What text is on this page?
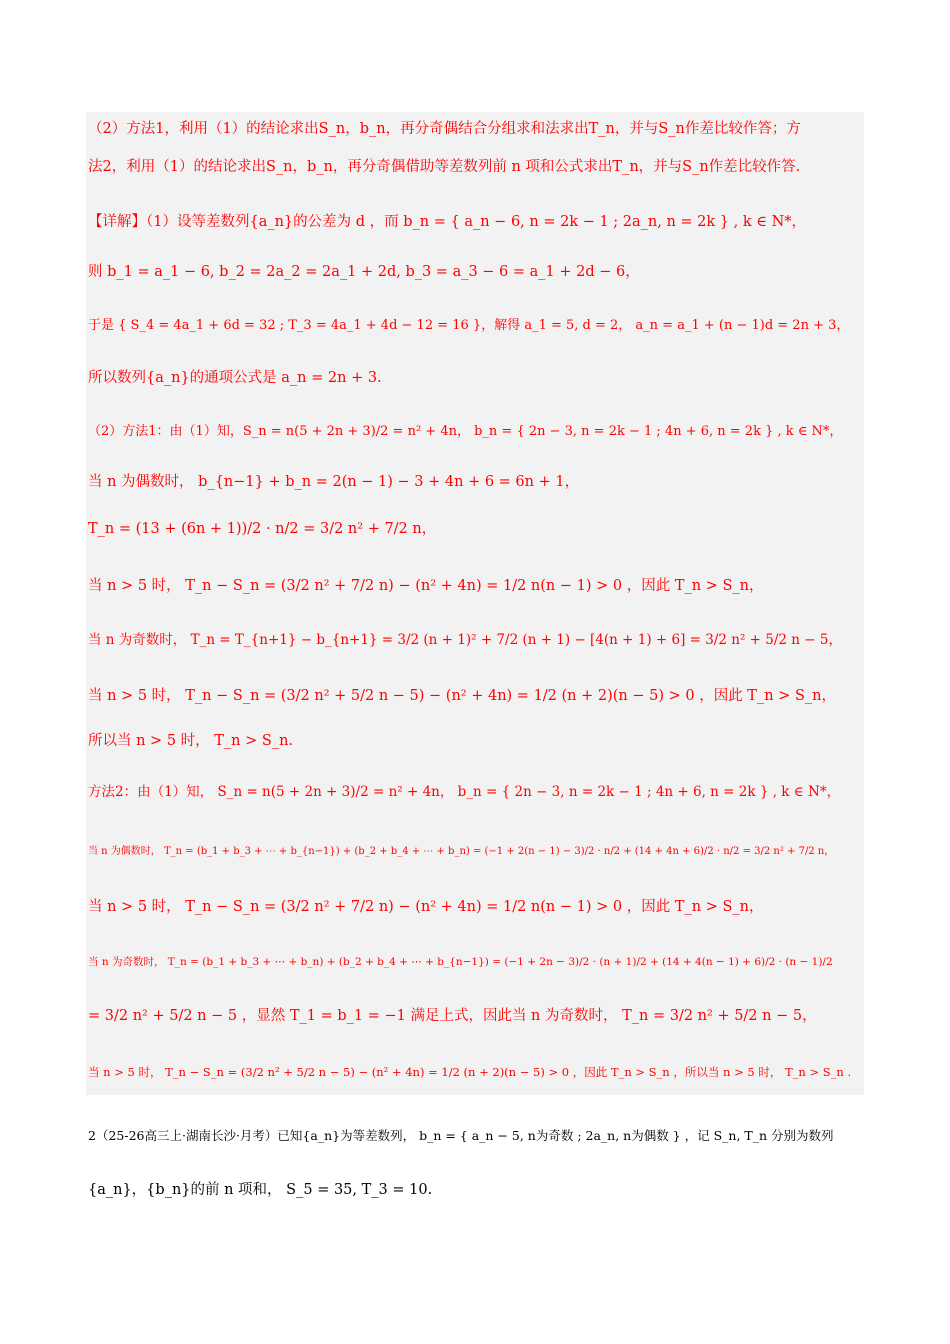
（2）方法1，利用（1）的结论求出S_n，b_n，再分奇偶结合分组求和法求出T_n，并与S_n作差比较作答；方
法2，利用（1）的结论求出S_n，b_n，再分奇偶借助等差数列前 n 项和公式求出T_n，并与S_n作差比较作答.
【详解】（1）设等差数列{a_n}的公差为 d ，而 b_n = { a_n − 6, n = 2k − 1 ; 2a_n, n = 2k } , k ∈ N*，
则 b_1 = a_1 − 6, b_2 = 2a_2 = 2a_1 + 2d, b_3 = a_3 − 6 = a_1 + 2d − 6，
于是 { S_4 = 4a_1 + 6d = 32 ; T_3 = 4a_1 + 4d − 12 = 16 }，解得 a_1 = 5, d = 2， a_n = a_1 + (n − 1)d = 2n + 3，
所以数列{a_n}的通项公式是 a_n = 2n + 3.
（2）方法1：由（1）知，S_n = n(5 + 2n + 3)/2 = n² + 4n， b_n = { 2n − 3, n = 2k − 1 ; 4n + 6, n = 2k } , k ∈ N*，
当 n 为偶数时， b_{n−1} + b_n = 2(n − 1) − 3 + 4n + 6 = 6n + 1，
T_n = (13 + (6n + 1))/2 · n/2 = 3/2 n² + 7/2 n，
当 n > 5 时， T_n − S_n = (3/2 n² + 7/2 n) − (n² + 4n) = 1/2 n(n − 1) > 0 ，因此 T_n > S_n，
当 n 为奇数时， T_n = T_{n+1} − b_{n+1} = 3/2 (n + 1)² + 7/2 (n + 1) − [4(n + 1) + 6] = 3/2 n² + 5/2 n − 5，
当 n > 5 时， T_n − S_n = (3/2 n² + 5/2 n − 5) − (n² + 4n) = 1/2 (n + 2)(n − 5) > 0 ，因此 T_n > S_n，
所以当 n > 5 时， T_n > S_n.
方法2：由（1）知， S_n = n(5 + 2n + 3)/2 = n² + 4n， b_n = { 2n − 3, n = 2k − 1 ; 4n + 6, n = 2k } , k ∈ N*，
当 n 为偶数时， T_n = (b_1 + b_3 + ⋯ + b_{n−1}) + (b_2 + b_4 + ⋯ + b_n) = (−1 + 2(n − 1) − 3)/2 · n/2 + (14 + 4n + 6)/2 · n/2 = 3/2 n² + 7/2 n，
当 n > 5 时， T_n − S_n = (3/2 n² + 7/2 n) − (n² + 4n) = 1/2 n(n − 1) > 0 ，因此 T_n > S_n，
当 n 为奇数时， T_n = (b_1 + b_3 + ⋯ + b_n) + (b_2 + b_4 + ⋯ + b_{n−1}) = (−1 + 2n − 3)/2 · (n + 1)/2 + (14 + 4(n − 1) + 6)/2 · (n − 1)/2
= 3/2 n² + 5/2 n − 5 ，显然 T_1 = b_1 = −1 满足上式，因此当 n 为奇数时， T_n = 3/2 n² + 5/2 n − 5，
当 n > 5 时， T_n − S_n = (3/2 n² + 5/2 n − 5) − (n² + 4n) = 1/2 (n + 2)(n − 5) > 0 ，因此 T_n > S_n ，所以当 n > 5 时， T_n > S_n .
2（25-26高三上·湖南长沙·月考）已知{a_n}为等差数列， b_n = { a_n − 5, n为奇数 ; 2a_n, n为偶数 } ，记 S_n, T_n 分别为数列
{a_n}，{b_n}的前 n 项和， S_5 = 35, T_3 = 10.
